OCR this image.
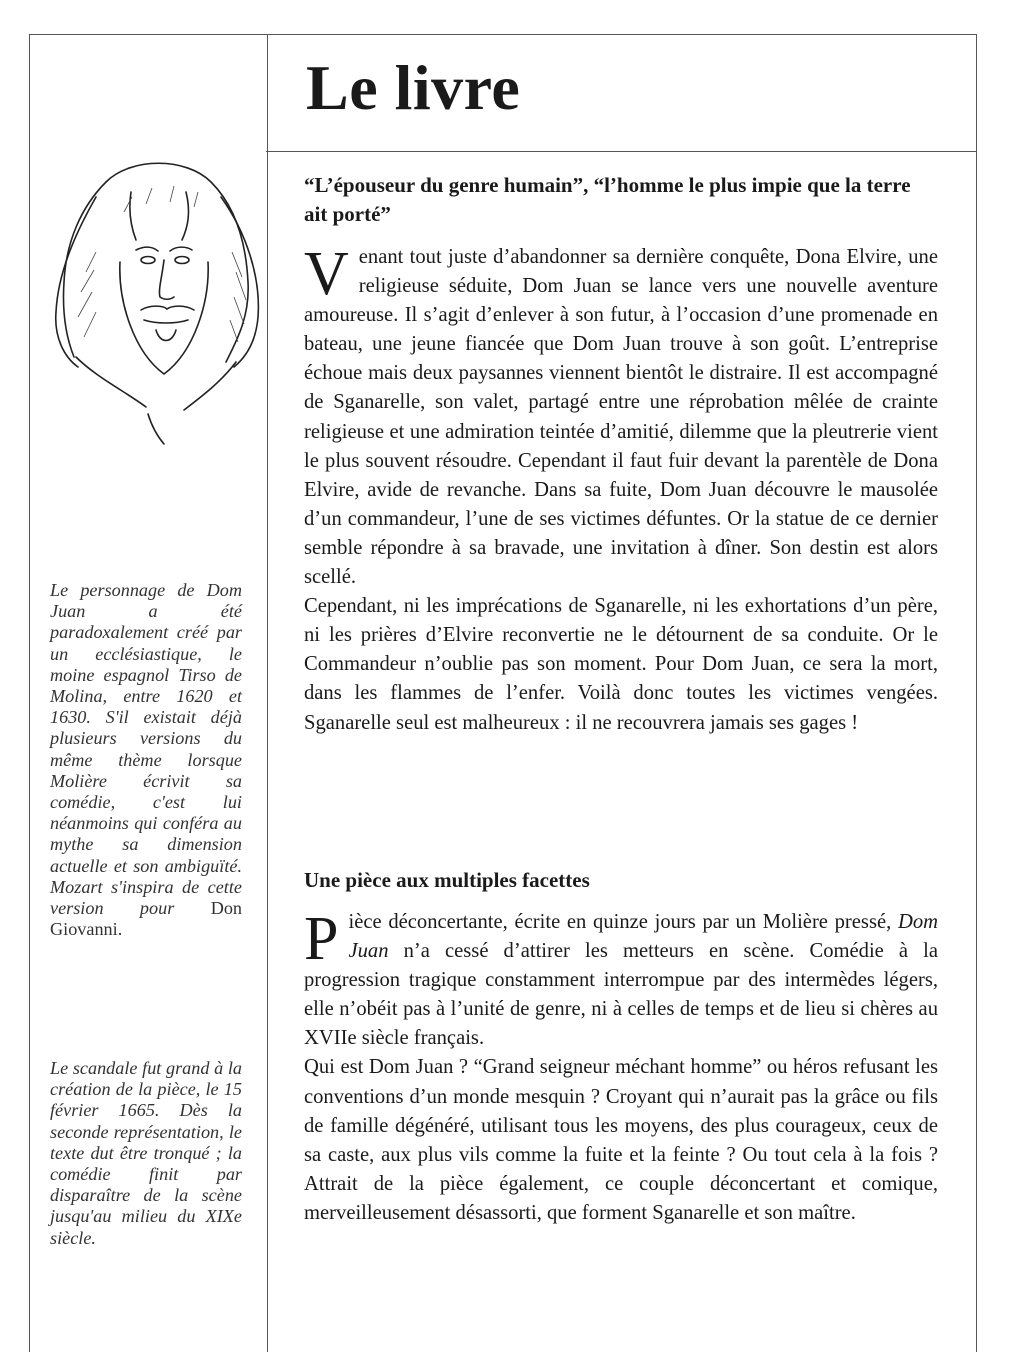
Le livre

Le personnage de Dom Juan a été paradoxalement créé par un ecclésiastique, le moine espagnol Tirso de Molina, entre 1620 et 1630. S'il existait déjà plusieurs versions du même thème lorsque Molière écrivit sa comédie, c'est lui néanmoins qui conféra au mythe sa dimension actuelle et son ambiguïté. Mozart s'inspira de cette version pour Don Giovanni.

Le scandale fut grand à la création de la pièce, le 15 février 1665. Dès la seconde représentation, le texte dut être tronqué ; la comédie finit par disparaître de la scène jusqu'au milieu du XIXe siècle.

“L’épouseur du genre humain”, “l’homme le plus impie que la terre ait porté”

Venant tout juste d’abandonner sa dernière conquête, Dona Elvire, une religieuse séduite, Dom Juan se lance vers une nouvelle aventure amoureuse. Il s’agit d’enlever à son futur, à l’occasion d’une promenade en bateau, une jeune fiancée que Dom Juan trouve à son goût. L’entreprise échoue mais deux paysannes viennent bientôt le distraire. Il est accompagné de Sganarelle, son valet, partagé entre une réprobation mêlée de crainte religieuse et une admiration teintée d’amitié, dilemme que la pleutrerie vient le plus souvent résoudre. Cependant il faut fuir devant la parentèle de Dona Elvire, avide de revanche. Dans sa fuite, Dom Juan découvre le mausolée d’un commandeur, l’une de ses victimes défuntes. Or la statue de ce dernier semble répondre à sa bravade, une invitation à dîner. Son destin est alors scellé.

Cependant, ni les imprécations de Sganarelle, ni les exhortations d’un père, ni les prières d’Elvire reconvertie ne le détournent de sa conduite. Or le Commandeur n’oublie pas son moment. Pour Dom Juan, ce sera la mort, dans les flammes de l’enfer. Voilà donc toutes les victimes vengées. Sganarelle seul est malheureux : il ne recouvrera jamais ses gages !

Une pièce aux multiples facettes

Pièce déconcertante, écrite en quinze jours par un Molière pressé, Dom Juan n’a cessé d’attirer les metteurs en scène. Comédie à la progression tragique constamment interrompue par des intermèdes légers, elle n’obéit pas à l’unité de genre, ni à celles de temps et de lieu si chères au XVIIe siècle français.

Qui est Dom Juan ? “Grand seigneur méchant homme” ou héros refusant les conventions d’un monde mesquin ? Croyant qui n’aurait pas la grâce ou fils de famille dégénéré, utilisant tous les moyens, des plus courageux, ceux de sa caste, aux plus vils comme la fuite et la feinte ? Ou tout cela à la fois ? Attrait de la pièce également, ce couple déconcertant et comique, merveilleusement désassorti, que forment Sganarelle et son maître.
